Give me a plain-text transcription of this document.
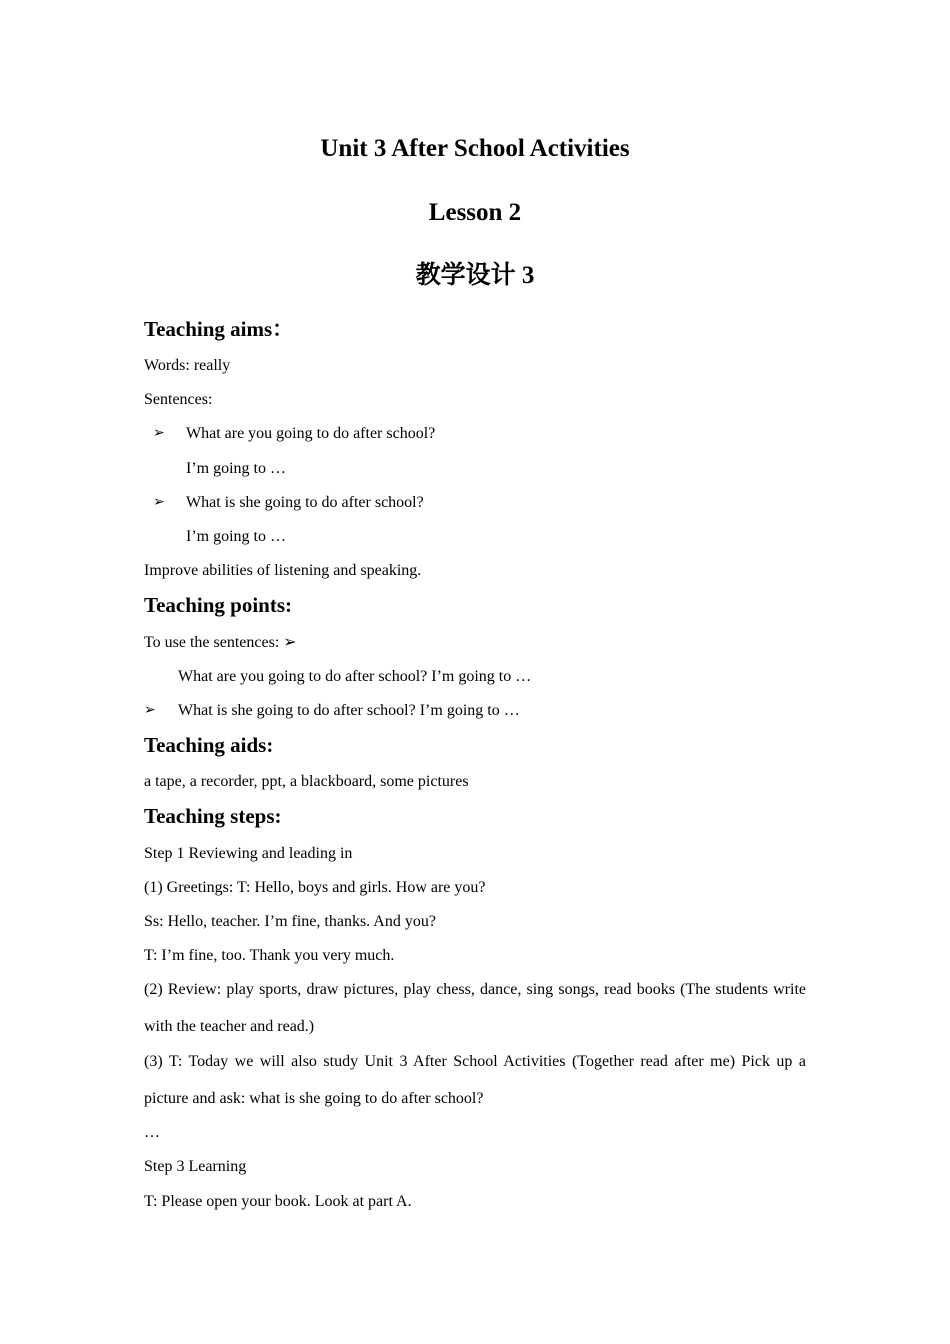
Unit 3 After School Activities
Lesson 2
教学设计 3
Teaching aims：

Words: really

Sentences:

➢ What are you going to do after school?

I’m going to …

➢ What is she going to do after school?

I’m going to …

Improve abilities of listening and speaking.

Teaching points:

To use the sentences: ➢

What are you going to do after school? I’m going to …

➢ What is she going to do after school? I’m going to …

Teaching aids:

a tape, a recorder, ppt, a blackboard, some pictures

Teaching steps:

Step 1 Reviewing and leading in

(1) Greetings: T: Hello, boys and girls. How are you?

Ss: Hello, teacher. I’m fine, thanks. And you?

T: I’m fine, too. Thank you very much.

(2) Review: play sports, draw pictures, play chess, dance, sing songs, read books (The students write with the teacher and read.)

(3) T: Today we will also study Unit 3 After School Activities (Together read after me) Pick up a picture and ask: what is she going to do after school?

…

Step 3 Learning

T: Please open your book. Look at part A.
